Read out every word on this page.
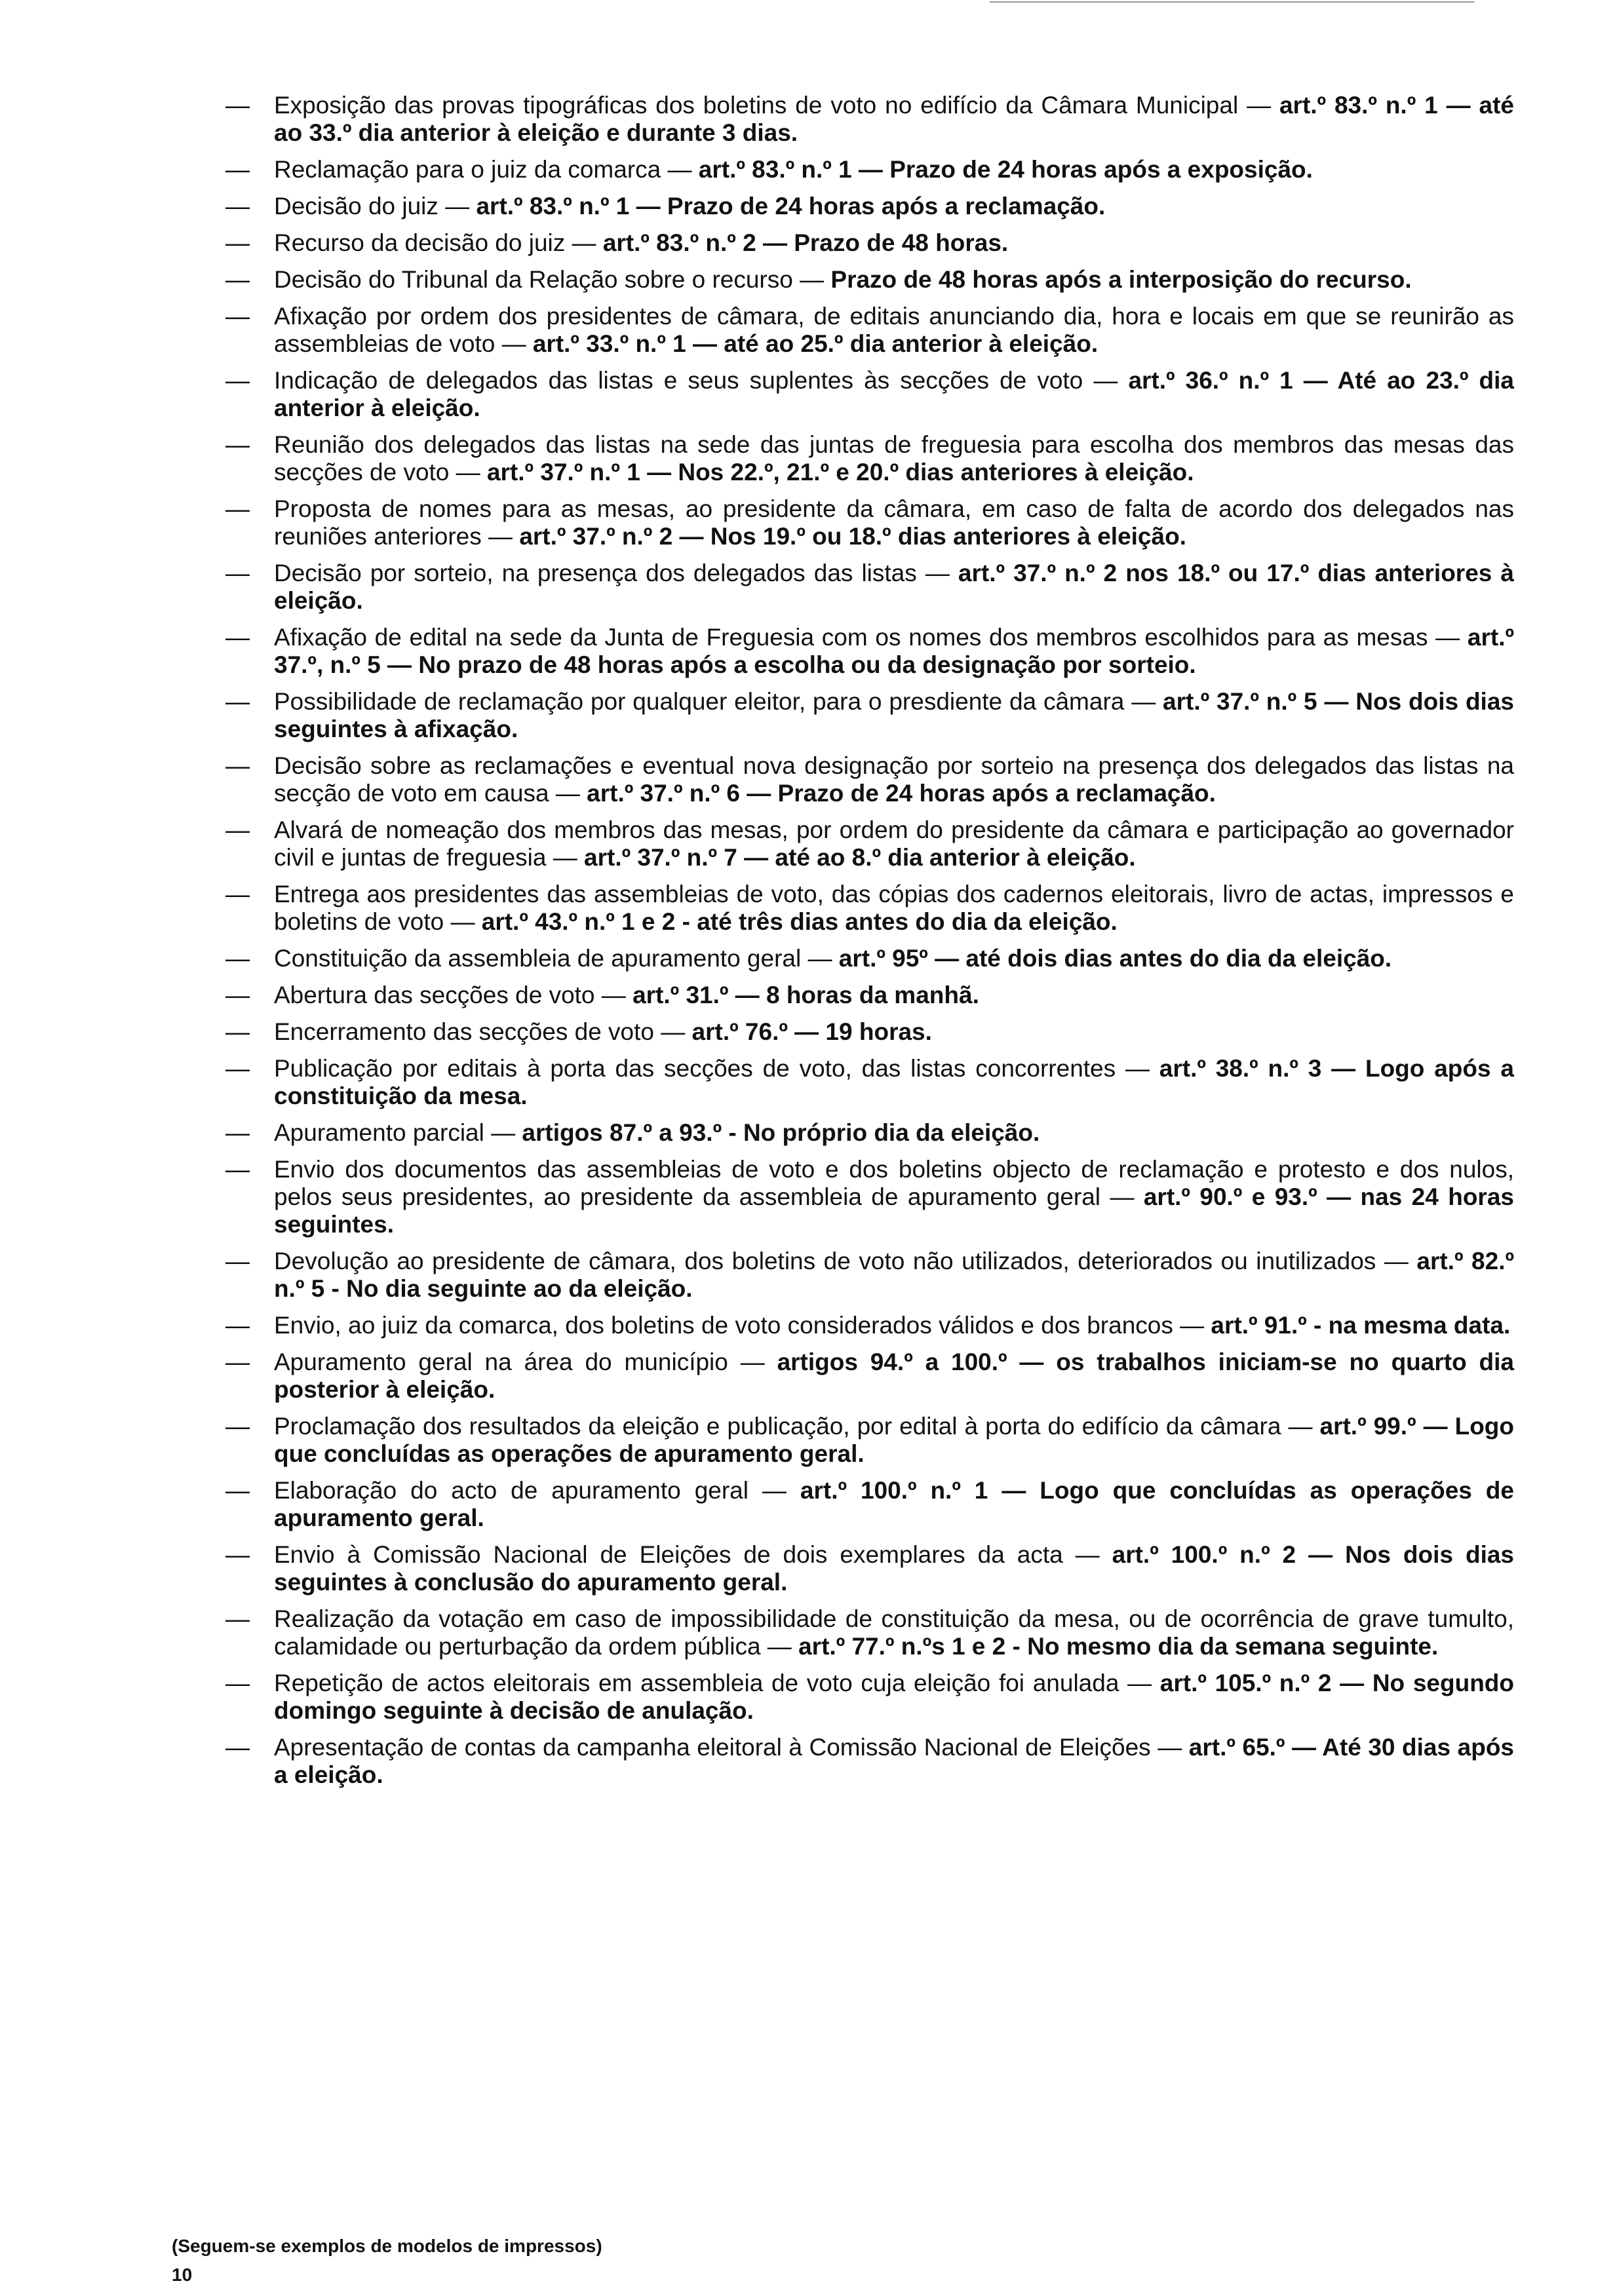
— Exposição das provas tipográficas dos boletins de voto no edifício da Câmara Municipal — art.º 83.º n.º 1 — até ao 33.º dia anterior à eleição e durante 3 dias.
— Reclamação para o juiz da comarca — art.º 83.º n.º 1 — Prazo de 24 horas após a exposição.
— Decisão do juiz — art.º 83.º n.º 1 — Prazo de 24 horas após a reclamação.
— Recurso da decisão do juiz — art.º 83.º n.º 2 — Prazo de 48 horas.
— Decisão do Tribunal da Relação sobre o recurso — Prazo de 48 horas após a interposição do recurso.
— Afixação por ordem dos presidentes de câmara, de editais anunciando dia, hora e locais em que se reunirão as assembleias de voto — art.º 33.º n.º 1 — até ao 25.º dia anterior à eleição.
— Indicação de delegados das listas e seus suplentes às secções de voto — art.º 36.º n.º 1 — Até ao 23.º dia anterior à eleição.
— Reunião dos delegados das listas na sede das juntas de freguesia para escolha dos membros das mesas das secções de voto — art.º 37.º n.º 1 — Nos 22.º, 21.º e 20.º dias anteriores à eleição.
— Proposta de nomes para as mesas, ao presidente da câmara, em caso de falta de acordo dos delegados nas reuniões anteriores — art.º 37.º n.º 2 — Nos 19.º ou 18.º dias anteriores à eleição.
— Decisão por sorteio, na presença dos delegados das listas — art.º 37.º n.º 2 nos 18.º ou 17.º dias anteriores à eleição.
— Afixação de edital na sede da Junta de Freguesia com os nomes dos membros escolhidos para as mesas — art.º 37.º, n.º 5 — No prazo de 48 horas após a escolha ou da designação por sorteio.
— Possibilidade de reclamação por qualquer eleitor, para o presdiente da câmara — art.º 37.º n.º 5 — Nos dois dias seguintes à afixação.
— Decisão sobre as reclamações e eventual nova designação por sorteio na presença dos delegados das listas na secção de voto em causa — art.º 37.º n.º 6 — Prazo de 24 horas após a reclamação.
— Alvará de nomeação dos membros das mesas, por ordem do presidente da câmara e participação ao governador civil e juntas de freguesia — art.º 37.º n.º 7 — até ao 8.º dia anterior à eleição.
— Entrega aos presidentes das assembleias de voto, das cópias dos cadernos eleitorais, livro de actas, impressos e boletins de voto — art.º 43.º n.º 1 e 2 - até três dias antes do dia da eleição.
— Constituição da assembleia de apuramento geral — art.º 95º — até dois dias antes do dia da eleição.
— Abertura das secções de voto — art.º 31.º — 8 horas da manhã.
— Encerramento das secções de voto — art.º 76.º — 19 horas.
— Publicação por editais à porta das secções de voto, das listas concorrentes — art.º 38.º n.º 3 — Logo após a constituição da mesa.
— Apuramento parcial — artigos 87.º a 93.º - No próprio dia da eleição.
— Envio dos documentos das assembleias de voto e dos boletins objecto de reclamação e protesto e dos nulos, pelos seus presidentes, ao presidente da assembleia de apuramento geral — art.º 90.º e 93.º — nas 24 horas seguintes.
— Devolução ao presidente de câmara, dos boletins de voto não utilizados, deteriorados ou inutilizados — art.º 82.º n.º 5 - No dia seguinte ao da eleição.
— Envio, ao juiz da comarca, dos boletins de voto considerados válidos e dos brancos — art.º 91.º - na mesma data.
— Apuramento geral na área do município — artigos 94.º a 100.º — os trabalhos iniciam-se no quarto dia posterior à eleição.
— Proclamação dos resultados da eleição e publicação, por edital à porta do edifício da câmara — art.º 99.º — Logo que concluídas as operações de apuramento geral.
— Elaboração do acto de apuramento geral — art.º 100.º n.º 1 — Logo que concluídas as operações de apuramento geral.
— Envio à Comissão Nacional de Eleições de dois exemplares da acta — art.º 100.º n.º 2 — Nos dois dias seguintes à conclusão do apuramento geral.
— Realização da votação em caso de impossibilidade de constituição da mesa, ou de ocorrência de grave tumulto, calamidade ou perturbação da ordem pública — art.º 77.º n.ºs 1 e 2 - No mesmo dia da semana seguinte.
— Repetição de actos eleitorais em assembleia de voto cuja eleição foi anulada — art.º 105.º n.º 2 — No segundo domingo seguinte à decisão de anulação.
— Apresentação de contas da campanha eleitoral à Comissão Nacional de Eleições — art.º 65.º — Até 30 dias após a eleição.
(Seguem-se exemplos de modelos de impressos)
10
